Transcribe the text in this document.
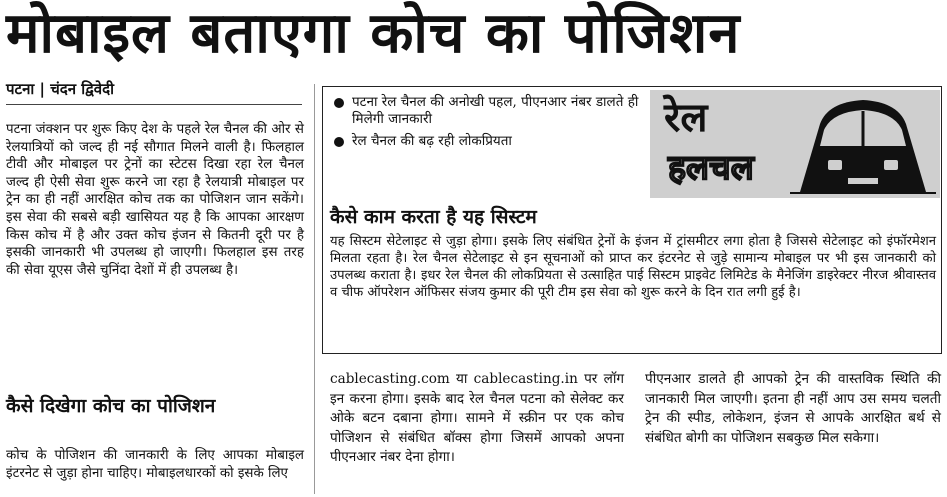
मोबाइल बताएगा कोच का पोजिशन
पटना | चंदन द्विवेदी

पटना जंक्शन पर शुरू किए देश के पहले रेल चैनल की ओर से रेलयात्रियों को जल्द ही नई सौगात मिलने वाली है। फिलहाल टीवी और मोबाइल पर ट्रेनों का स्टेटस दिखा रहा रेल चैनल जल्द ही ऐसी सेवा शुरू करने जा रहा है रेलयात्री मोबाइल पर ट्रेन का ही नहीं आरक्षित कोच तक का पोजिशन जान सकेंगे। इस सेवा की सबसे बड़ी खासियत यह है कि आपका आरक्षण किस कोच में है और उक्त कोच इंजन से कितनी दूरी पर है इसकी जानकारी भी उपलब्ध हो जाएगी। फिलहाल इस तरह की सेवा यूएस जैसे चुनिंदा देशों में ही उपलब्ध है।

कैसे दिखेगा कोच का पोजिशन

कोच के पोजिशन की जानकारी के लिए आपका मोबाइल इंटरनेट से जुड़ा होना चाहिए। मोबाइलधारकों को इसके लिए

पटना रेल चैनल की अनोखी पहल, पीएनआर नंबर डालते ही मिलेगी जानकारी
रेल चैनल की बढ़ रही लोकप्रियता	रेल
हलचल
कैसे काम करता है यह सिस्टम

यह सिस्टम सेटेलाइट से जुड़ा होगा। इसके लिए संबंधित ट्रेनों के इंजन में ट्रांसमीटर लगा होता है जिससे सेटेलाइट को इंफॉरमेशन मिलता रहता है। रेल चैनल सेटेलाइट से इन सूचनाओं को प्राप्त कर इंटरनेट से जुड़े सामान्य मोबाइल पर भी इस जानकारी को उपलब्ध कराता है। इधर रेल चैनल की लोकप्रियता से उत्साहित पाई सिस्टम प्राइवेट लिमिटेड के मैनेजिंग डाइरेक्टर नीरज श्रीवास्तव व चीफ ऑपरेशन ऑफिसर संजय कुमार की पूरी टीम इस सेवा को शुरू करने के दिन रात लगी हुई है।

cablecasting.com या cablecasting.in पर लॉग इन करना होगा। इसके बाद रेल चैनल पटना को सेलेक्ट कर ओके बटन दबाना होगा। सामने में स्क्रीन पर एक कोच पोजिशन से संबंधित बॉक्स होगा जिसमें आपको अपना पीएनआर नंबर देना होगा।

पीएनआर डालते ही आपको ट्रेन की वास्तविक स्थिति की जानकारी मिल जाएगी। इतना ही नहीं आप उस समय चलती ट्रेन की स्पीड, लोकेशन, इंजन से आपके आरक्षित बर्थ से संबंधित बोगी का पोजिशन सबकुछ मिल सकेगा।
